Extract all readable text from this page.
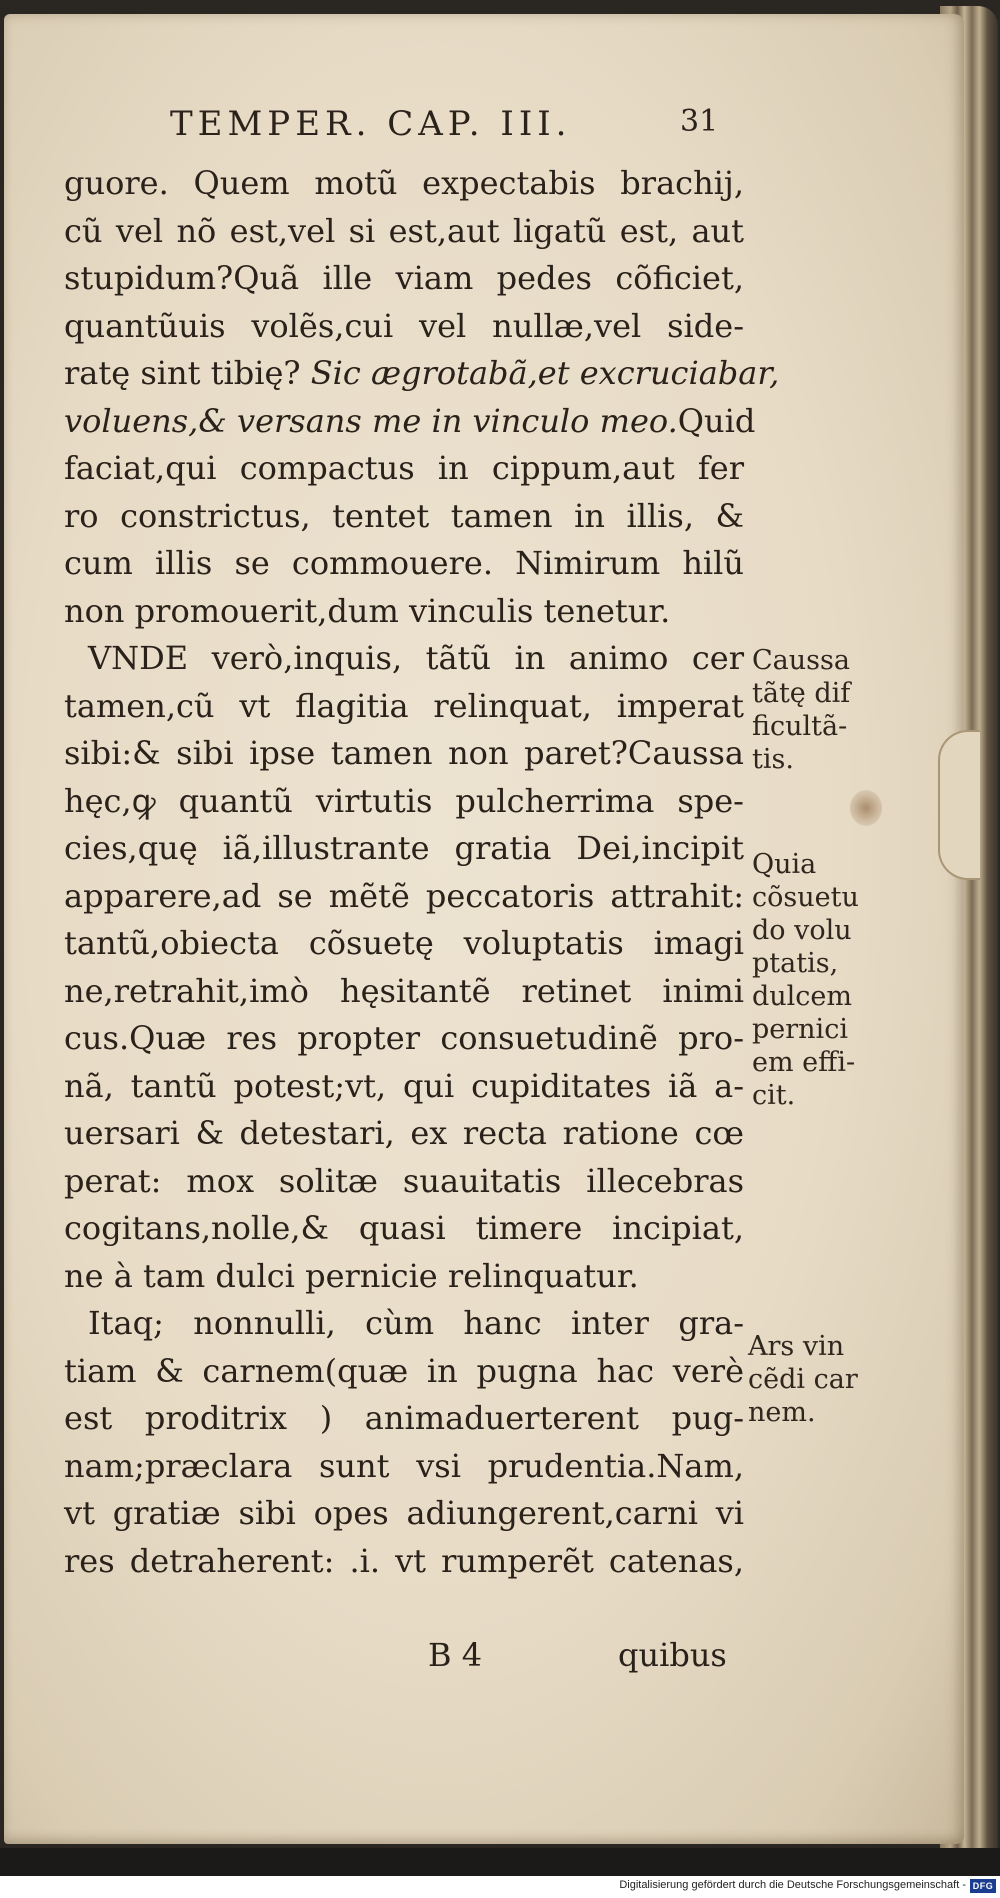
TEMPER. CAP. III.	31
guore. Quem motũ expectabis brachij,
cũ vel nõ est,vel si est,aut ligatũ est, aut
stupidum?Quã ille viam pedes cõficiet,
quantũuis volẽs,cui vel nullæ,vel side-
ratę sint tibię? Sic ægrotabã,et excruciabar,
voluens,& versans me in vinculo meo.Quid
faciat,qui compactus in cippum,aut fer
ro constrictus, tentet tamen in illis, &
cum illis se commouere. Nimirum hilũ
non promouerit,dum vinculis tenetur.
VNDE verò,inquis, tãtũ in animo cer
tamen,cũ vt flagitia relinquat, imperat
sibi:& sibi ipse tamen non paret?Caussa
hęc,ꝙ quantũ virtutis pulcherrima spe-
cies,quę iã,illustrante gratia Dei,incipit
apparere,ad se mẽtẽ peccatoris attrahit:
tantũ,obiecta cõsuetę voluptatis imagi
ne,retrahit,imò hęsitantẽ retinet inimi
cus.Quæ res propter consuetudinẽ pro-
nã, tantũ potest;vt, qui cupiditates iã a-
uersari & detestari, ex recta ratione cœ
perat: mox solitæ suauitatis illecebras
cogitans,nolle,& quasi timere incipiat,
ne à tam dulci pernicie relinquatur.
Itaq; nonnulli, cùm hanc inter gra-
tiam & carnem(quæ in pugna hac verè
est proditrix ) animaduerterent pug-
nam;præclara sunt vsi prudentia.Nam,
vt gratiæ sibi opes adiungerent,carni vi
res detraherent: .i. vt rumperẽt catenas,
Caussa
tãtę dif
ficultã-
tis.
Quia
cõsuetu
do volu
ptatis,
dulcem
pernici
em effi-
cit.
Ars vin
cẽdi car
nem.
B 4	quibus
Digitalisierung gefördert durch die Deutsche Forschungsgemeinschaft - DFG
